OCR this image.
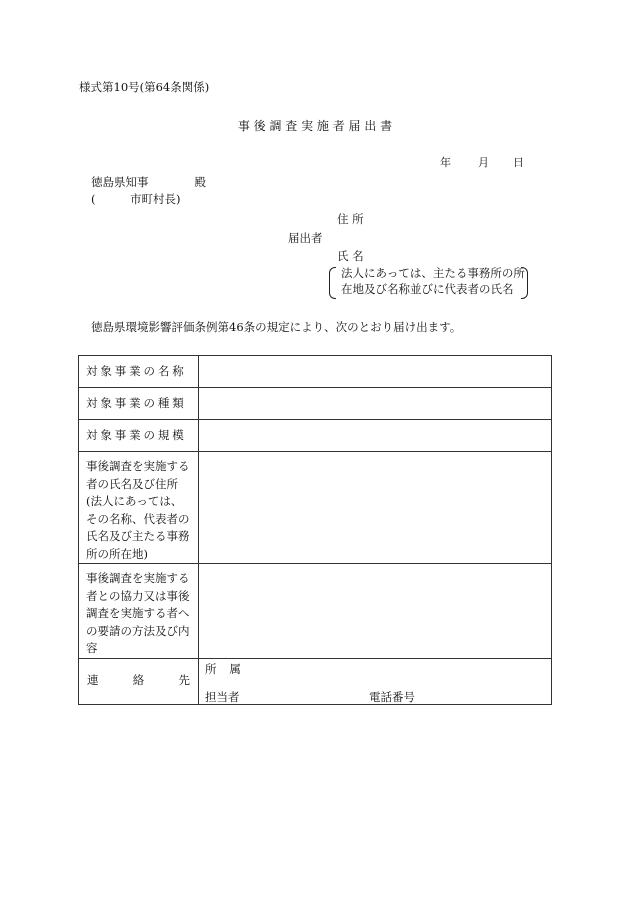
様式第10号(第64条関係)
事 後 調 査 実 施 者 届 出 書
年 月 日
徳島県知事　　　　殿
(　　　市町村長)
住 所
届出者
氏 名
法人にあっては、主たる事務所の所
在地及び名称並びに代表者の氏名
徳島県環境影響評価条例第46条の規定により、次のとおり届け出ます。
対象事業の名称	

対象事業の種類	

対象事業の規模	

事後調査を実施する者の氏名及び住所(法人にあっては、その名称、代表者の氏名及び主たる事務所の所在地)	

事後調査を実施する者との協力又は事後調査を実施する者への要請の方法及び内容	

連 絡 先	所 属
担当者 電話番号
